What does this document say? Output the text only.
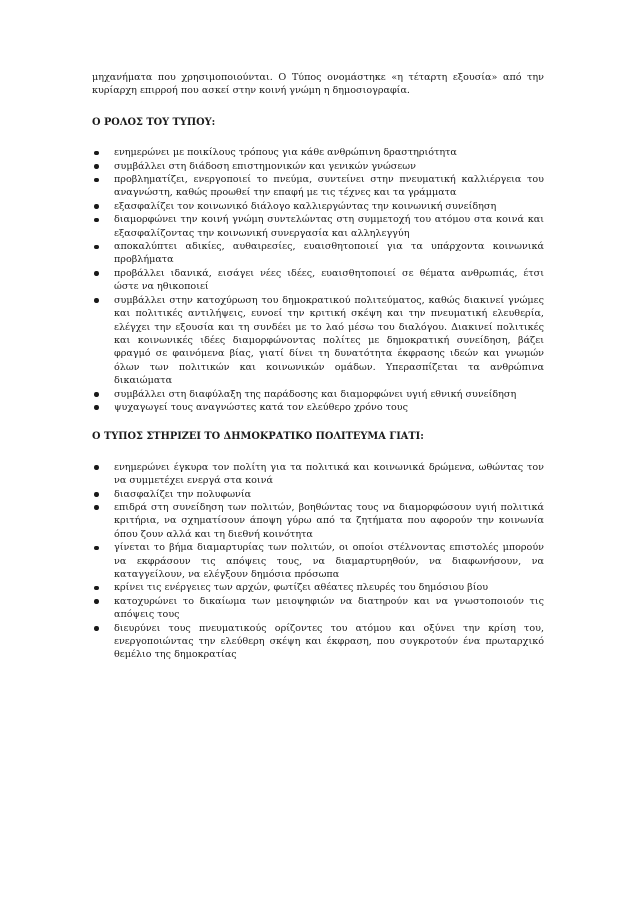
μηχανήματα που χρησιμοποιούνται. Ο Τύπος ονομάστηκε «η τέταρτη εξουσία» από την κυρίαρχη επιρροή που ασκεί στην κοινή γνώμη η δημοσιογραφία.

Ο ΡΟΛΟΣ ΤΟΥ ΤΥΠΟΥ:

ενημερώνει με ποικίλους τρόπους για κάθε ανθρώπινη δραστηριότητα
συμβάλλει στη διάδοση επιστημονικών και γενικών γνώσεων
προβληματίζει, ενεργοποιεί το πνεύμα, συντείνει στην πνευματική καλλιέργεια του αναγνώστη, καθώς προωθεί την επαφή με τις τέχνες και τα γράμματα
εξασφαλίζει τον κοινωνικό διάλογο καλλιεργώντας την κοινωνική συνείδηση
διαμορφώνει την κοινή γνώμη συντελώντας στη συμμετοχή του ατόμου στα κοινά και εξασφαλίζοντας την κοινωνική συνεργασία και αλληλεγγύη
αποκαλύπτει αδικίες, αυθαιρεσίες, ευαισθητοποιεί για τα υπάρχοντα κοινωνικά προβλήματα
προβάλλει ιδανικά, εισάγει νέες ιδέες, ευαισθητοποιεί σε θέματα ανθρωπιάς, έτσι ώστε να ηθικοποιεί
συμβάλλει στην κατοχύρωση του δημοκρατικού πολιτεύματος, καθώς διακινεί γνώμες και πολιτικές αντιλήψεις, ευνοεί την κριτική σκέψη και την πνευματική ελευθερία, ελέγχει την εξουσία και τη συνδέει με το λαό μέσω του διαλόγου. Διακινεί πολιτικές και κοινωνικές ιδέες διαμορφώνοντας πολίτες με δημοκρατική συνείδηση, βάζει φραγμό σε φαινόμενα βίας, γιατί δίνει τη δυνατότητα έκφρασης ιδεών και γνωμών όλων των πολιτικών και κοινωνικών ομάδων. Υπερασπίζεται τα ανθρώπινα δικαιώματα
συμβάλλει στη διαφύλαξη της παράδοσης και διαμορφώνει υγιή εθνική συνείδηση
ψυχαγωγεί τους αναγνώστες κατά τον ελεύθερο χρόνο τους

Ο ΤΥΠΟΣ ΣΤΗΡΙΖΕΙ ΤΟ ΔΗΜΟΚΡΑΤΙΚΟ ΠΟΛΙΤΕΥΜΑ ΓΙΑΤΙ:

ενημερώνει έγκυρα τον πολίτη για τα πολιτικά και κοινωνικά δρώμενα, ωθώντας τον να συμμετέχει ενεργά στα κοινά
διασφαλίζει την πολυφωνία
επιδρά στη συνείδηση των πολιτών, βοηθώντας τους να διαμορφώσουν υγιή πολιτικά κριτήρια, να σχηματίσουν άποψη γύρω από τα ζητήματα που αφορούν την κοινωνία όπου ζουν αλλά και τη διεθνή κοινότητα
γίνεται το βήμα διαμαρτυρίας των πολιτών, οι οποίοι στέλνοντας επιστολές μπορούν να εκφράσουν τις απόψεις τους, να διαμαρτυρηθούν, να διαφωνήσουν, να καταγγείλουν, να ελέγξουν δημόσια πρόσωπα
κρίνει τις ενέργειες των αρχών, φωτίζει αθέατες πλευρές του δημόσιου βίου
κατοχυρώνει το δικαίωμα των μειοψηφιών να διατηρούν και να γνωστοποιούν τις απόψεις τους
διευρύνει τους πνευματικούς ορίζοντες του ατόμου και οξύνει την κρίση του, ενεργοποιώντας την ελεύθερη σκέψη και έκφραση, που συγκροτούν ένα πρωταρχικό θεμέλιο της δημοκρατίας
